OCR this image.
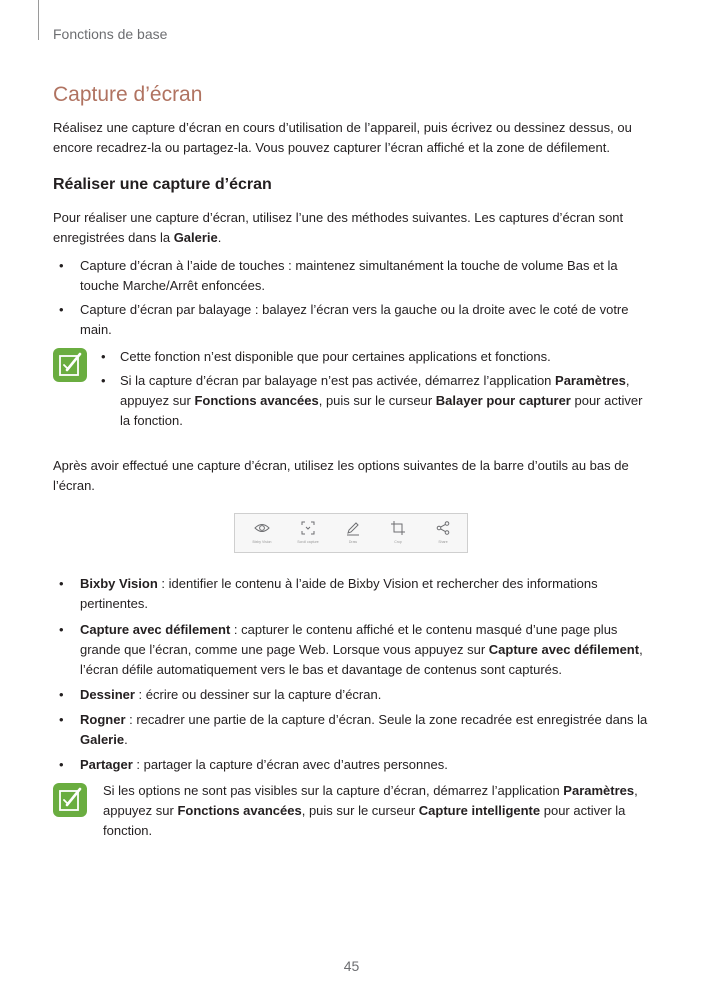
Fonctions de base
Capture d’écran

Réalisez une capture d’écran en cours d’utilisation de l’appareil, puis écrivez ou dessinez dessus, ou encore recadrez-la ou partagez-la. Vous pouvez capturer l’écran affiché et la zone de défilement.

Réaliser une capture d’écran

Pour réaliser une capture d’écran, utilisez l’une des méthodes suivantes. Les captures d’écran sont enregistrées dans la Galerie.

• Capture d’écran à l’aide de touches : maintenez simultanément la touche de volume Bas et la touche Marche/Arrêt enfoncées.

• Capture d’écran par balayage : balayez l’écran vers la gauche ou la droite avec le coté de votre main.

• Cette fonction n’est disponible que pour certaines applications et fonctions.

• Si la capture d’écran par balayage n’est pas activée, démarrez l’application Paramètres, appuyez sur Fonctions avancées, puis sur le curseur Balayer pour capturer pour activer la fonction.

Après avoir effectué une capture d’écran, utilisez les options suivantes de la barre d’outils au bas de l’écran.

Bixby Vision	Scroll capture	Draw	Crop	Share
• Bixby Vision : identifier le contenu à l’aide de Bixby Vision et rechercher des informations pertinentes.

• Capture avec défilement : capturer le contenu affiché et le contenu masqué d’une page plus grande que l’écran, comme une page Web. Lorsque vous appuyez sur Capture avec défilement, l’écran défile automatiquement vers le bas et davantage de contenus sont capturés.

• Dessiner : écrire ou dessiner sur la capture d’écran.

• Rogner : recadrer une partie de la capture d’écran. Seule la zone recadrée est enregistrée dans la Galerie.

• Partager : partager la capture d’écran avec d’autres personnes.

Si les options ne sont pas visibles sur la capture d’écran, démarrez l’application Paramètres, appuyez sur Fonctions avancées, puis sur le curseur Capture intelligente pour activer la fonction.

45
